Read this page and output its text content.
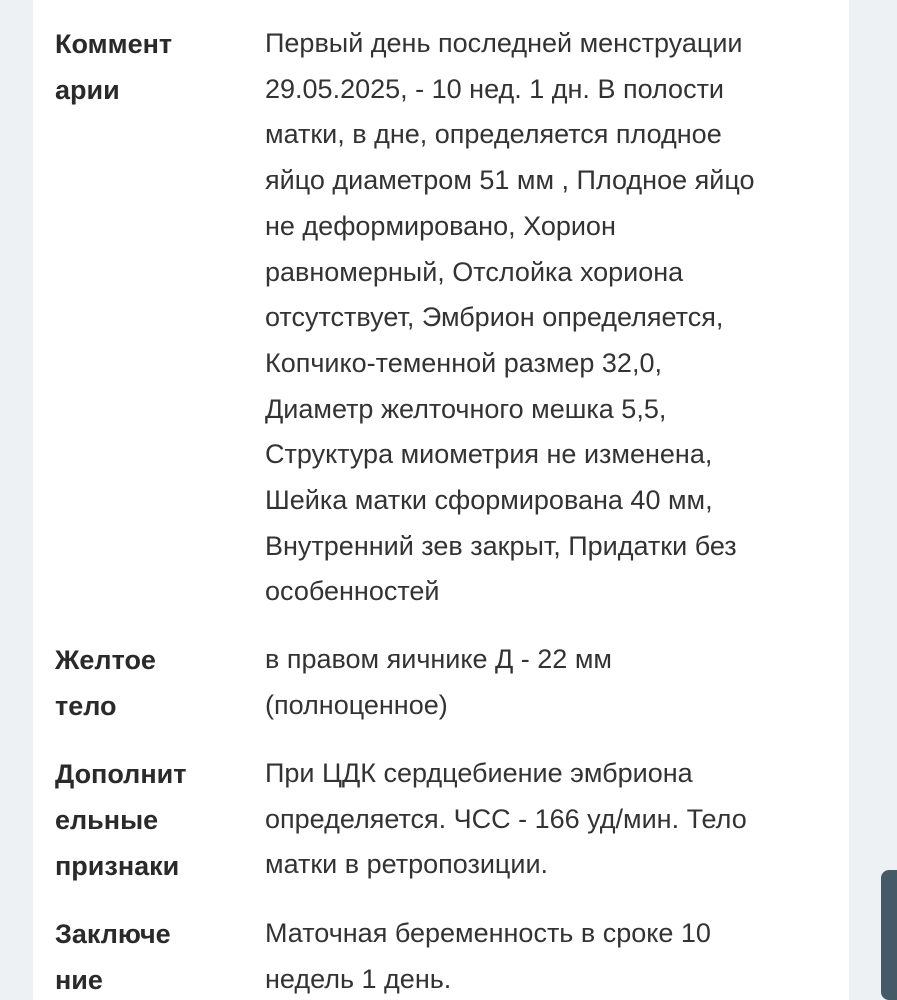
Коммент
арии
Первый день последней менструации
29.05.2025, - 10 нед. 1 дн. В полости
матки, в дне, определяется плодное
яйцо диаметром 51 мм , Плодное яйцо
не деформировано, Хорион
равномерный, Отслойка хориона
отсутствует, Эмбрион определяется,
Копчико-теменной размер 32,0,
Диаметр желточного мешка 5,5,
Структура миометрия не изменена,
Шейка матки сформирована 40 мм,
Внутренний зев закрыт, Придатки без
особенностей
Желтое
тело
в правом яичнике Д - 22 мм
(полноценное)
Дополнит
ельные
признаки
При ЦДК сердцебиение эмбриона
определяется. ЧСС - 166 уд/мин. Тело
матки в ретропозиции.
Заключе
ние
Маточная беременность в сроке 10
недель 1 день.
